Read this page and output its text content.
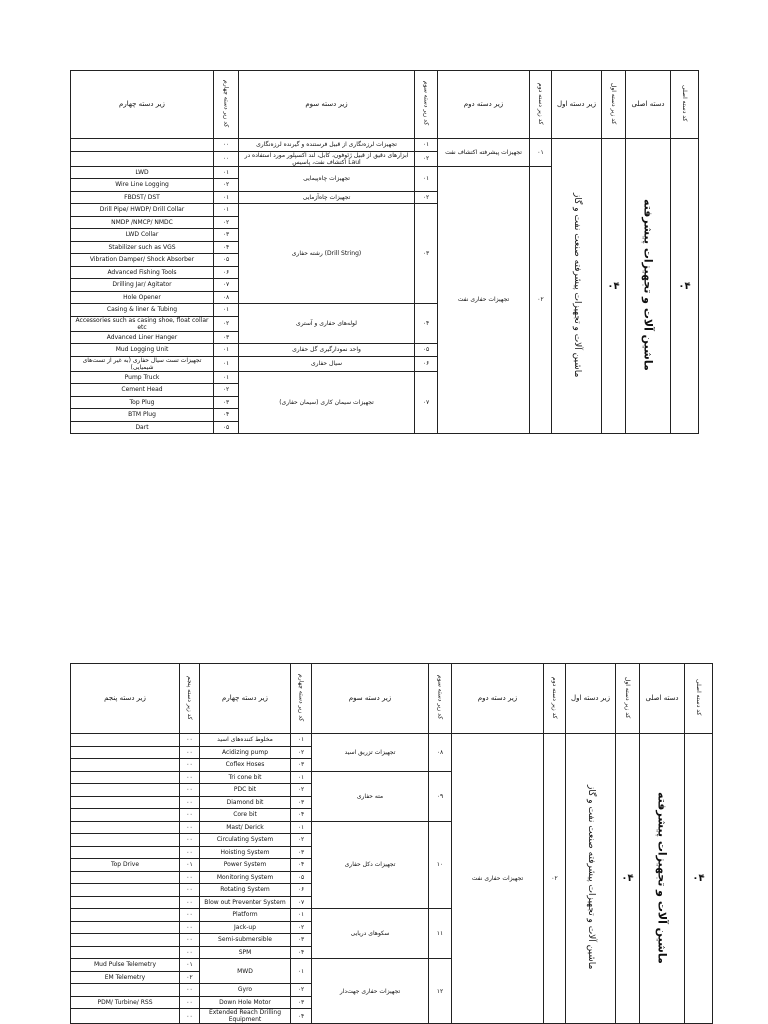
زیر دسته چهارم	کد زیر دسته چهارم	زیر دسته سوم	کد زیر دسته سوم	زیر دسته دوم	کد زیر دسته دوم	زیر دسته اول	کد زیر دسته اول	دسته اصلی	کد دسته اصلی
	۰۰	تجهیزات لرزه‌نگاری از قبیل فرستنده و گیرنده لرزه‌نگاری	۰۱	تجهیزات پیشرفته اکتشاف نفت	۰۱	ماشین آلات و تجهیزات پیشرفته صنعت نفت و گاز	۰۴	ماشین آلات و تجهیزات پیشرفته	۰۴
	۰۰	ابزارهای دقیق از قبیل ژئوفون، کابل، لند اکسپلور مورد استفاده در اکتشاف نفت، پاسیس Laul	۰۲						
LWD	۰۱	تجهیزات چاه‌پیمایی	۰۱	تجهیزات حفاری نفت	۰۲				
Wire Line Logging	۰۲								
FBDST/ DST	۰۱	تجهیزات چاه‌آزمایی	۰۲						
Drill Pipe/ HWDP/ Drill Collar	۰۱	رشته حفاری (Drill String)	۰۳						
NMDP /NMCP/ NMDC	۰۲								
LWD Collar	۰۳								
Stabilizer such as VGS	۰۴								
Vibration Damper/ Shock Absorber	۰۵								
Advanced Fishing Tools	۰۶								
Drilling Jar/ Agitator	۰۷								
Hole Opener	۰۸								
Casing & liner & Tubing	۰۱	لوله‌های حفاری و آستری	۰۴						
Accessories such as casing shoe, float collar etc	۰۲								
Advanced Liner Hanger	۰۳								
Mud Logging Unit	۰۱	واحد نمودارگیری گل حفاری	۰۵						
تجهیزات تست سیال حفاری (به غیر از تست‌های شیمیایی)	۰۱	سیال حفاری	۰۶						
Pump Truck	۰۱	تجهیزات سیمان کاری (سیمان حفاری)	۰۷						
Cement Head	۰۲								
Top Plug	۰۳								
BTM Plug	۰۴								
Dart	۰۵								
زیر دسته پنجم	کد زیر دسته پنجم	زیر دسته چهارم	کد زیر دسته چهارم	زیر دسته سوم	کد زیر دسته سوم	زیر دسته دوم	کد زیر دسته دوم	زیر دسته اول	کد زیر دسته اول	دسته اصلی	کد دسته اصلی
	۰۰	مخلوط کننده‌های اسید	۰۱	تجهیزات تزریق اسید	۰۸	تجهیزات حفاری نفت	۰۲	ماشین آلات و تجهیزات پیشرفته صنعت نفت و گاز	۰۴	ماشین آلات و تجهیزات پیشرفته	۰۴
	۰۰	Acidizing pump	۰۲								
	۰۰	Coflex Hoses	۰۳								
	۰۰	Tri cone bit	۰۱	مته حفاری	۰۹						
	۰۰	PDC bit	۰۲								
	۰۰	Diamond bit	۰۳								
	۰۰	Core bit	۰۴								
	۰۰	Mast/ Derick	۰۱	تجهیزات دکل حفاری	۱۰						
	۰۰	Circulating System	۰۲								
	۰۰	Hoisting System	۰۳								
Top Drive	۰۱	Power System	۰۴								
	۰۰	Monitoring System	۰۵								
	۰۰	Rotating System	۰۶								
	۰۰	Blow out Preventer System	۰۷								
	۰۰	Platform	۰۱	سکوهای دریایی	۱۱						
	۰۰	Jack-up	۰۲								
	۰۰	Semi-submersible	۰۳								
	۰۰	SPM	۰۴								
Mud Pulse Telemetry	۰۱	MWD	۰۱	تجهیزات حفاری جهت‌دار	۱۲						
EM Telemetry	۰۲										
	۰۰	Gyro	۰۲								
PDM/ Turbine/ RSS	۰۰	Down Hole Motor	۰۳								
	۰۰	Extended Reach Drilling Equipment	۰۴								
